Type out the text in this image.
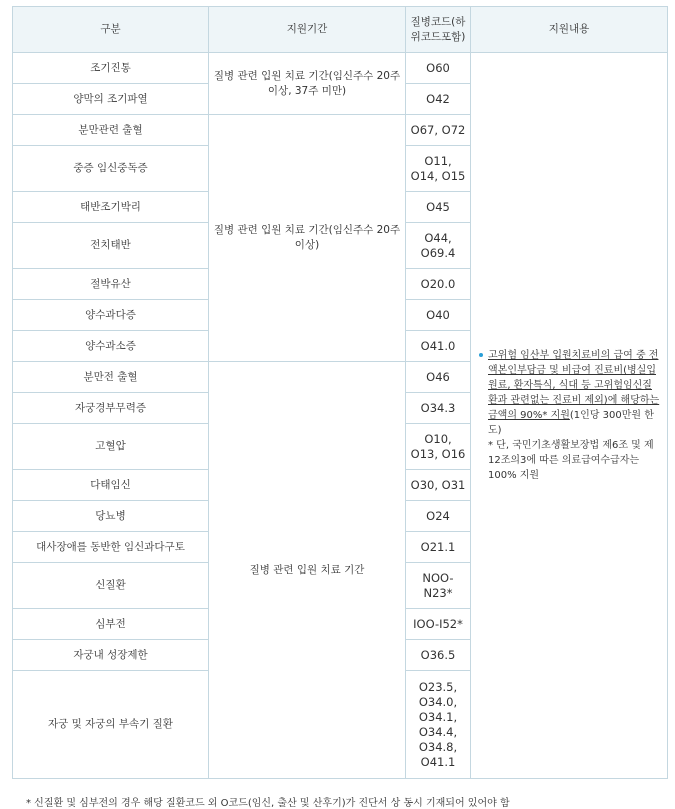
구분	지원기간	질병코드(하위코드포함)	지원내용
조기진통	질병 관련 입원 치료 기간(임신주수 20주 이상, 37주 미만)	O60	고위험 임산부 입원치료비의 급여 중 전액본인부담금 및 비급여 진료비(병실입원료, 환자특식, 식대 등 고위험임신질환과 관련없는 진료비 제외)에 해당하는 금액의 90%* 지원(1인당 300만원 한도)
* 단, 국민기초생활보장법 제6조 및 제12조의3에 따른 의료급여수급자는 100% 지원

양막의 조기파열		O42	
분만관련 출혈	질병 관련 입원 치료 기간(임신주수 20주 이상)	O67, O72	
중증 임신중독증		O11, O14, O15	
태반조기박리		O45	
전치태반		O44, O69.4	
절박유산		O20.0	
양수과다증		O40	
양수과소증		O41.0	
분만전 출혈	질병 관련 입원 치료 기간	O46	
자궁경부무력증		O34.3	
고혈압		O10, O13, O16	
다태임신		O30, O31	
당뇨병		O24	
대사장애를 동반한 임신과다구토		O21.1	
신질환		NOO-N23*	
심부전		IOO-I52*	
자궁내 성장제한		O36.5	
자궁 및 자궁의 부속기 질환		O23.5, O34.0, O34.1, O34.4, O34.8, O41.1	
* 신질환 및 심부전의 경우 해당 질환코드 외 O코드(임신, 출산 및 산후기)가 진단서 상 동시 기재되어 있어야 함
